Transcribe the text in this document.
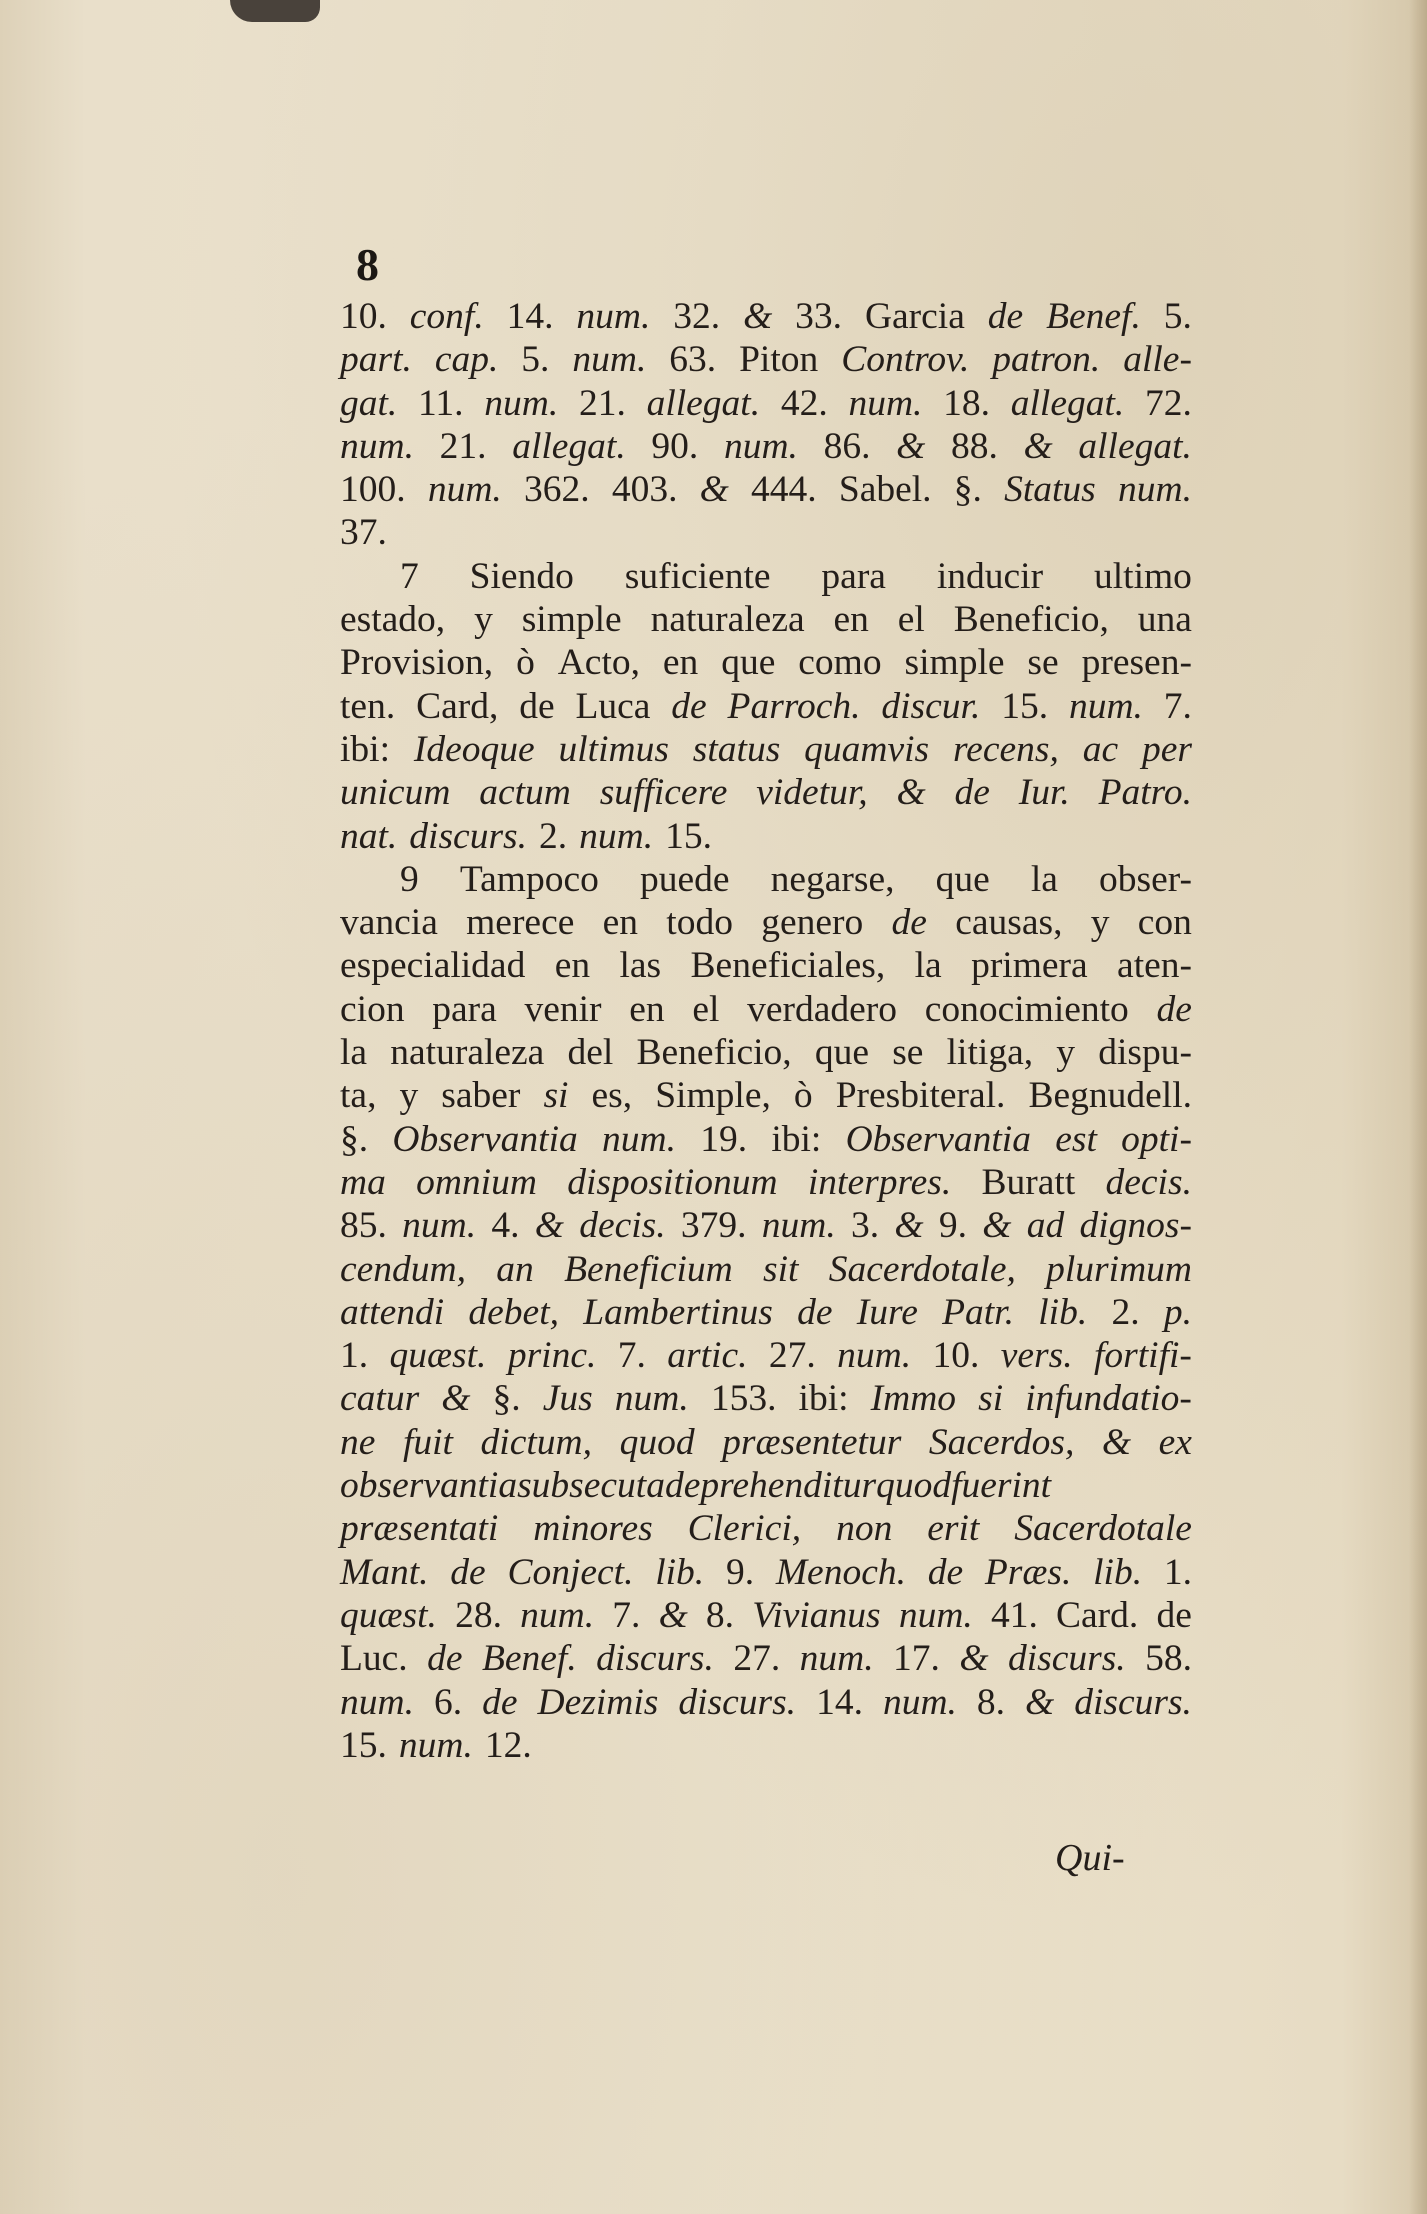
8
10. conf. 14. num. 32. & 33. Garcia de Benef. 5.
part. cap. 5. num. 63. Piton Controv. patron. alle-
gat. 11. num. 21. allegat. 42. num. 18. allegat. 72.
num. 21. allegat. 90. num. 86. & 88. & allegat.
100. num. 362. 403. & 444. Sabel. §. Status num.
37.
7 Siendo suficiente para inducir ultimo
estado, y simple naturaleza en el Beneficio, una
Provision, ò Acto, en que como simple se presen-
ten. Card, de Luca de Parroch. discur. 15. num. 7.
ibi: Ideoque ultimus status quamvis recens, ac per
unicum actum sufficere videtur, & de Iur. Patro.
nat. discurs. 2. num. 15.
9 Tampoco puede negarse, que la obser-
vancia merece en todo genero de causas, y con
especialidad en las Beneficiales, la primera aten-
cion para venir en el verdadero conocimiento de
la naturaleza del Beneficio, que se litiga, y dispu-
ta, y saber si es, Simple, ò Presbiteral. Begnudell.
§. Observantia num. 19. ibi: Observantia est opti-
ma omnium dispositionum interpres. Buratt decis.
85. num. 4. & decis. 379. num. 3. & 9. & ad dignos-
cendum, an Beneficium sit Sacerdotale, plurimum
attendi debet, Lambertinus de Iure Patr. lib. 2. p.
1. quæst. princ. 7. artic. 27. num. 10. vers. fortifi-
catur & §. Jus num. 153. ibi: Immo si infundatio-
ne fuit dictum, quod præsentetur Sacerdos, & ex
observantia subsecuta deprehenditur quod fuerint
præsentati minores Clerici, non erit Sacerdotale
Mant. de Conject. lib. 9. Menoch. de Præs. lib. 1.
quæst. 28. num. 7. & 8. Vivianus num. 41. Card. de
Luc. de Benef. discurs. 27. num. 17. & discurs. 58.
num. 6. de Dezimis discurs. 14. num. 8. & discurs.
15. num. 12.
Qui-
